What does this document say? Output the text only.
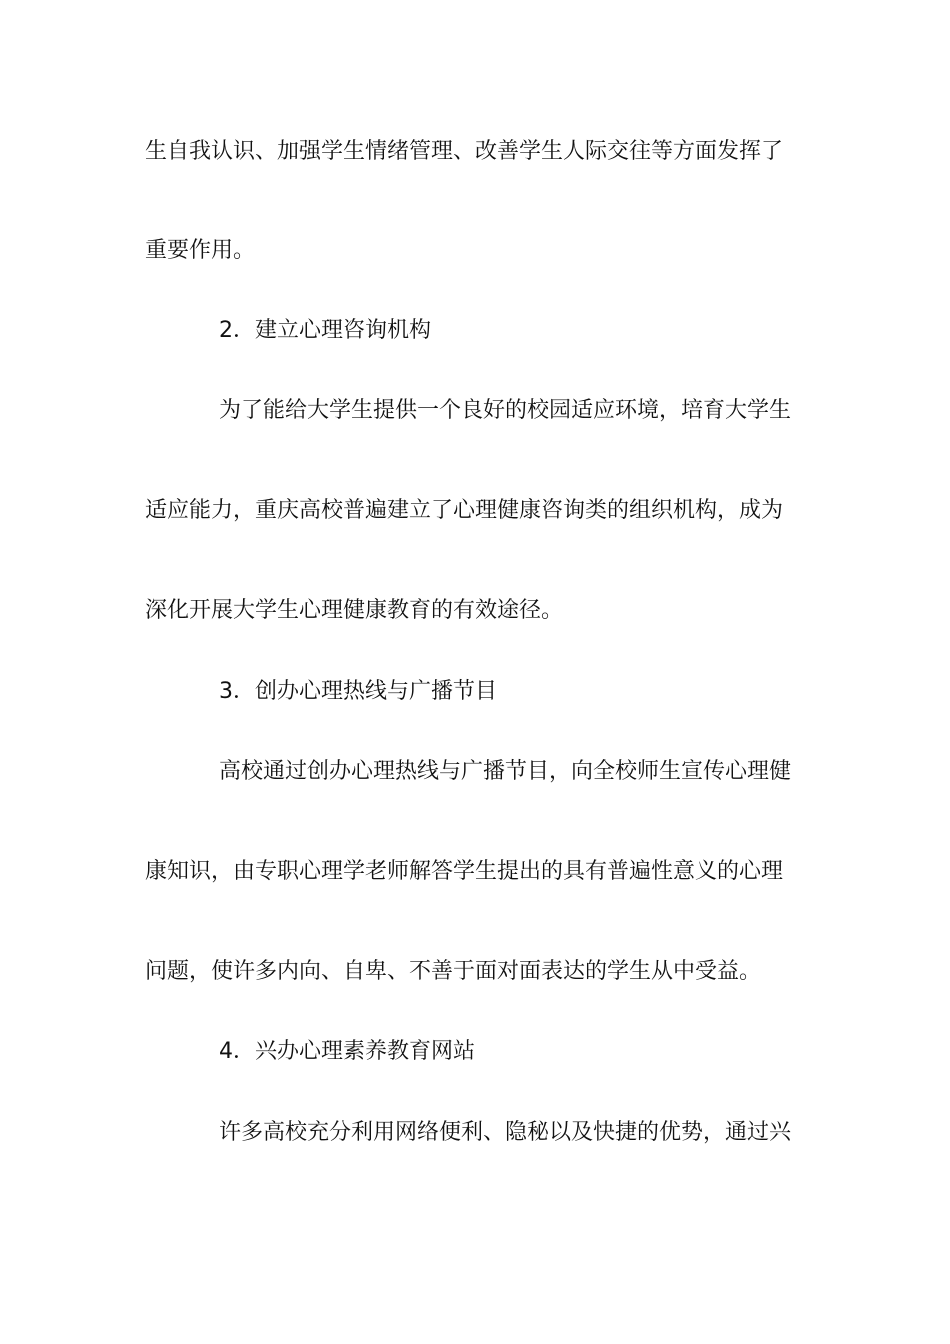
生自我认识、加强学生情绪管理、改善学生人际交往等方面发挥了
重要作用。
2．建立心理咨询机构
为了能给大学生提供一个良好的校园适应环境，培育大学生
适应能力，重庆高校普遍建立了心理健康咨询类的组织机构，成为
深化开展大学生心理健康教育的有效途径。
3．创办心理热线与广播节目
高校通过创办心理热线与广播节目，向全校师生宣传心理健
康知识，由专职心理学老师解答学生提出的具有普遍性意义的心理
问题，使许多内向、自卑、不善于面对面表达的学生从中受益。
4．兴办心理素养教育网站
许多高校充分利用网络便利、隐秘以及快捷的优势，通过兴
